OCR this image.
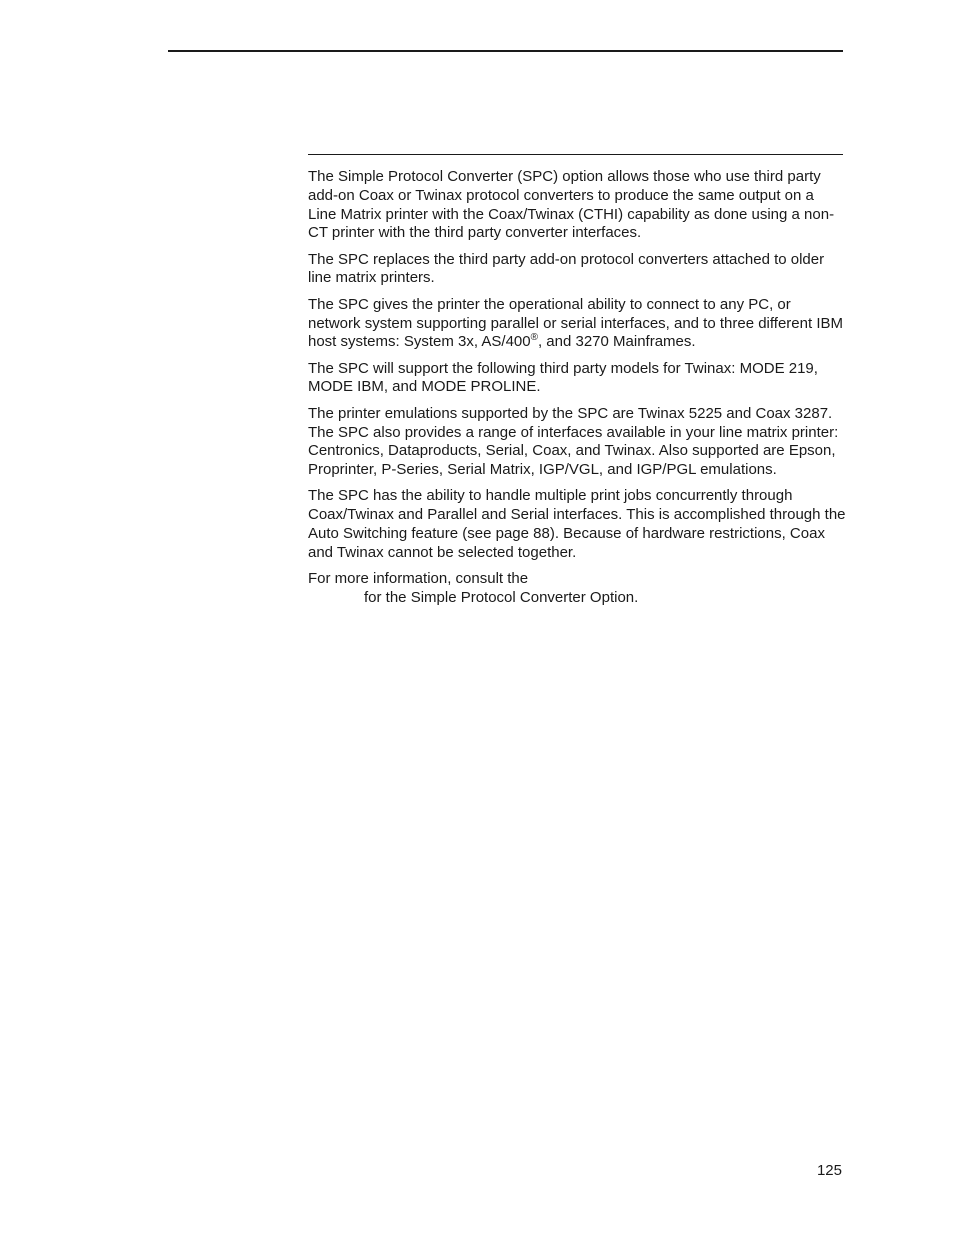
The Simple Protocol Converter (SPC) option allows those who use third party add-on Coax or Twinax protocol converters to produce the same output on a Line Matrix printer with the Coax/Twinax (CTHI) capability as done using a non-CT printer with the third party converter interfaces.

The SPC replaces the third party add-on protocol converters attached to older line matrix printers.

The SPC gives the printer the operational ability to connect to any PC, or network system supporting parallel or serial interfaces, and to three different IBM host systems: System 3x, AS/400®, and 3270 Mainframes.

The SPC will support the following third party models for Twinax: MODE 219, MODE IBM, and MODE PROLINE.

The printer emulations supported by the SPC are Twinax 5225 and Coax 3287. The SPC also provides a range of interfaces available in your line matrix printer: Centronics, Dataproducts, Serial, Coax, and Twinax. Also supported are Epson, Proprinter, P-Series, Serial Matrix, IGP/VGL, and IGP/PGL emulations.

The SPC has the ability to handle multiple print jobs concurrently through Coax/Twinax and Parallel and Serial interfaces. This is accomplished through the Auto Switching feature (see page 88). Because of hardware restrictions, Coax and Twinax cannot be selected together.

For more information, consult the
for the Simple Protocol Converter Option.

125
